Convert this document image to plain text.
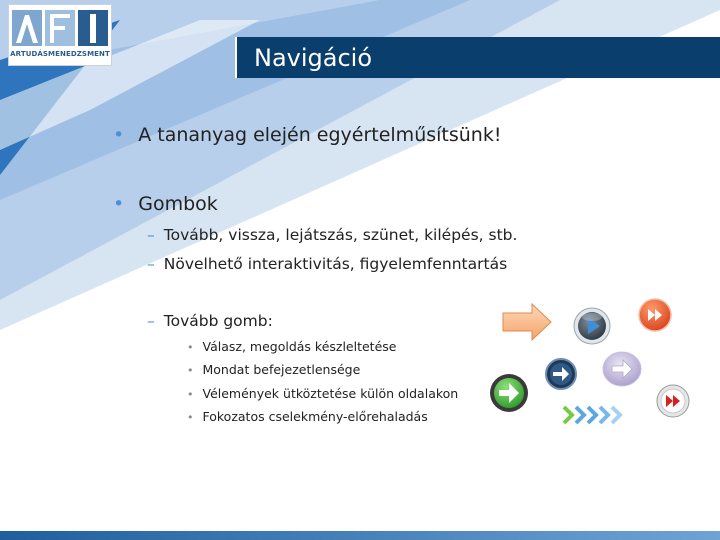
ARTUDÁSMENEDZSMENT	Navigáció
• A tananyag elején egyértelműsítsünk!
• Gombok
– Tovább, vissza, lejátszás, szünet, kilépés, stb.
– Növelhető interaktivitás, figyelemfenntartás
– Tovább gomb:
• Válasz, megoldás készleltetése
• Mondat befejezetlensége
• Vélemények ütköztetése külön oldalakon
• Fokozatos cselekmény-előrehaladás
